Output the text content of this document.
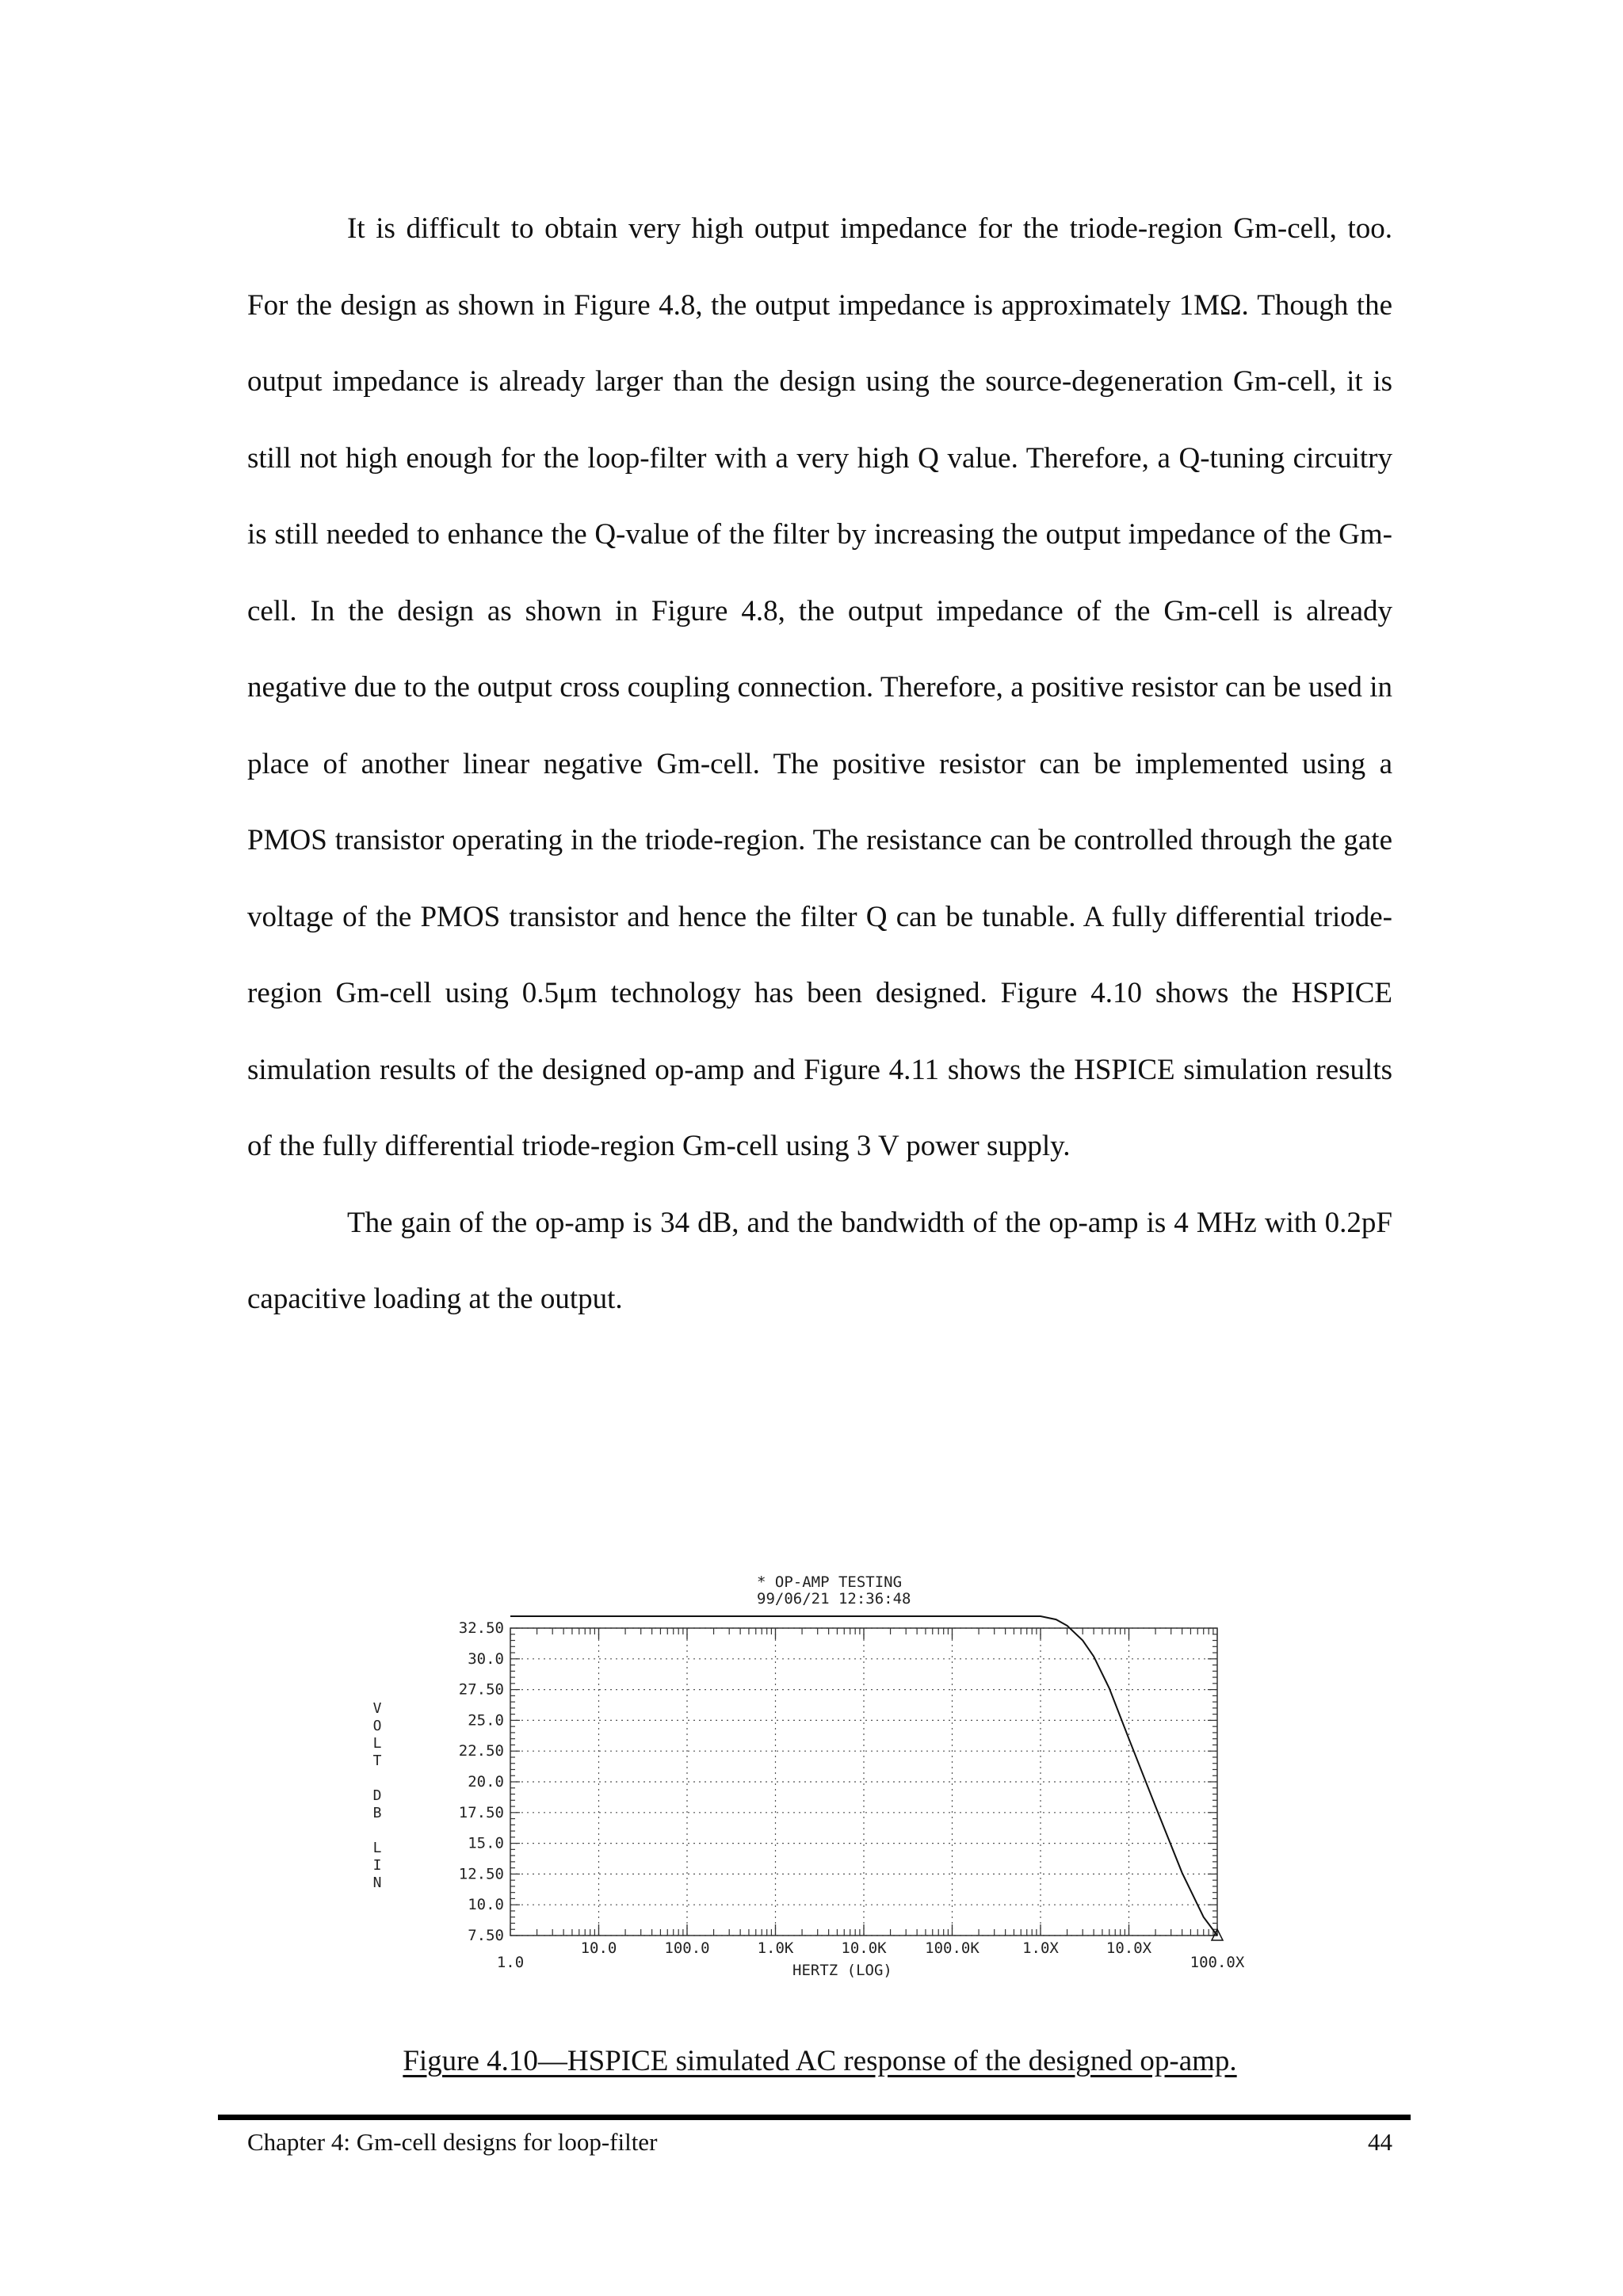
It is difficult to obtain very high output impedance for the triode-region Gm-cell, too. For the design as shown in Figure 4.8, the output impedance is approximately 1MΩ. Though the output impedance is already larger than the design using the source-degeneration Gm-cell, it is still not high enough for the loop-filter with a very high Q value. Therefore, a Q-tuning circuitry is still needed to enhance the Q-value of the filter by increasing the output impedance of the Gm-cell. In the design as shown in Figure 4.8, the output impedance of the Gm-cell is already negative due to the output cross coupling connection. Therefore, a positive resistor can be used in place of another linear negative Gm-cell. The positive resistor can be implemented using a PMOS transistor operating in the triode-region. The resistance can be controlled through the gate voltage of the PMOS transistor and hence the filter Q can be tunable. A fully differential triode-region Gm-cell using 0.5μm technology has been designed. Figure 4.10 shows the HSPICE simulation results of the designed op-amp and Figure 4.11 shows the HSPICE simulation results of the fully differential triode-region Gm-cell using 3 V power supply.

The gain of the op-amp is 34 dB, and the bandwidth of the op-amp is 4 MHz with 0.2pF capacitive loading at the output.

* OP-AMP TESTING
99/06/21 12:36:48
32.50
30.0
27.50
25.0
22.50
20.0
17.50
15.0
12.50
10.0
7.50
1.0
10.0	100.0	1.0K	10.0K	100.0K	1.0X	10.0X
100.0X
V
O
L
T
D
B
L
I
N
HERTZ (LOG)
Figure 4.10—HSPICE simulated AC response of the designed op-amp.
Chapter 4: Gm-cell designs for loop-filter	44
